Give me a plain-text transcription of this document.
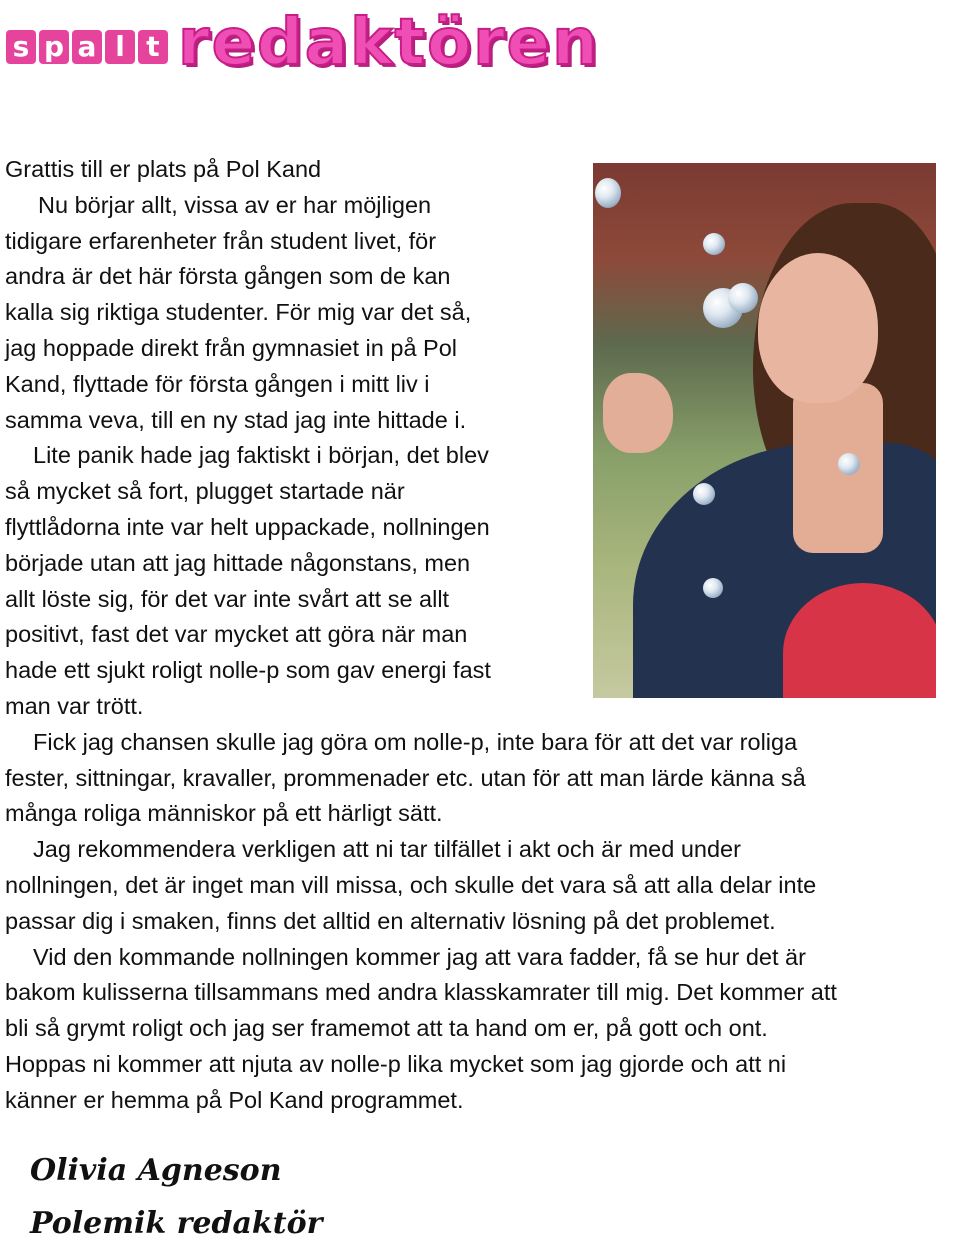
s p a l t redaktören

Grattis till er plats på Pol Kand

Nu börjar allt, vissa av er har möjligen

tidigare erfarenheter från student livet, för

andra är det här första gången som de kan

kalla sig riktiga studenter. För mig var det så,

jag hoppade direkt från gymnasiet in på Pol

Kand, flyttade för första gången i mitt liv i

samma veva, till en ny stad jag inte hittade i.

Lite panik hade jag faktiskt i början, det blev

så mycket så fort, plugget startade när

flyttlådorna inte var helt uppackade, nollningen

började utan att jag hittade någonstans, men

allt löste sig, för det var inte svårt att se allt

positivt, fast det var mycket att göra när man

hade ett sjukt roligt nolle-p som gav energi fast

man var trött.

Fick jag chansen skulle jag göra om nolle-p, inte bara för att det var roliga

fester, sittningar, kravaller, prommenader etc. utan för att man lärde känna så

många roliga människor på ett härligt sätt.

Jag rekommendera verkligen att ni tar tilfället i akt och är med under

nollningen, det är inget man vill missa, och skulle det vara så att alla delar inte

passar dig i smaken, finns det alltid en alternativ lösning på det problemet.

Vid den kommande nollningen kommer jag att vara fadder, få se hur det är

bakom kulisserna tillsammans med andra klasskamrater till mig. Det kommer att

bli så grymt roligt och jag ser framemot att ta hand om er, på gott och ont.

Hoppas ni kommer att njuta av nolle-p lika mycket som jag gjorde och att ni

känner er hemma på Pol Kand programmet.

Olivia Agneson
Polemik redaktör
